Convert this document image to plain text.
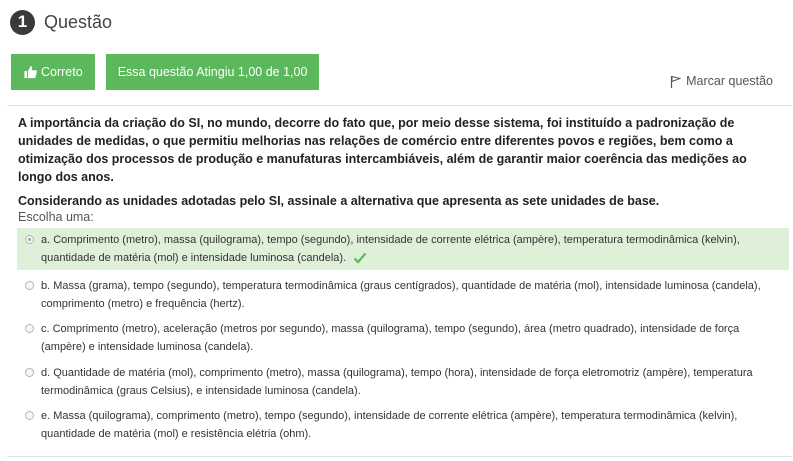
1 Questão
Correto	Essa questão Atingiu 1,00 de 1,00
Marcar questão

A importância da criação do SI, no mundo, decorre do fato que, por meio desse sistema, foi instituído a padronização de unidades de medidas, o que permitiu melhorias nas relações de comércio entre diferentes povos e regiões, bem como a otimização dos processos de produção e manufaturas intercambiáveis, além de garantir maior coerência das medições ao longo dos anos.

Considerando as unidades adotadas pelo SI, assinale a alternativa que apresenta as sete unidades de base.

Escolha uma:
a. Comprimento (metro), massa (quilograma), tempo (segundo), intensidade de corrente elétrica (ampère), temperatura termodinâmica (kelvin), quantidade de matéria (mol) e intensidade luminosa (candela).
b. Massa (grama), tempo (segundo), temperatura termodinâmica (graus centígrados), quantidade de matéria (mol), intensidade luminosa (candela), comprimento (metro) e frequência (hertz).
c. Comprimento (metro), aceleração (metros por segundo), massa (quilograma), tempo (segundo), área (metro quadrado), intensidade de força (ampère) e intensidade luminosa (candela).
d. Quantidade de matéria (mol), comprimento (metro), massa (quilograma), tempo (hora), intensidade de força eletromotriz (ampère), temperatura termodinâmica (graus Celsius), e intensidade luminosa (candela).
e. Massa (quilograma), comprimento (metro), tempo (segundo), intensidade de corrente elétrica (ampère), temperatura termodinâmica (kelvin), quantidade de matéria (mol) e resistência elétria (ohm).
